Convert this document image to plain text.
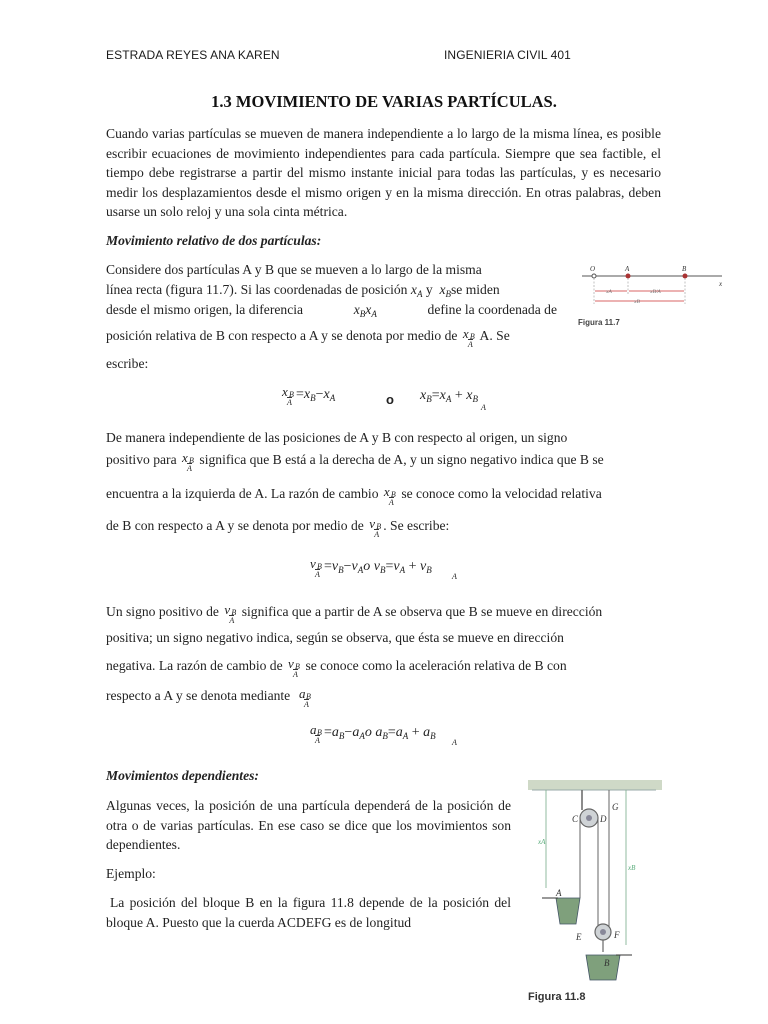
ESTRADA REYES ANA KAREN	INGENIERIA CIVIL 401
1.3 MOVIMIENTO DE VARIAS PARTÍCULAS.
Cuando varias partículas se mueven de manera independiente a lo largo de la misma línea, es posible escribir ecuaciones de movimiento independientes para cada partícula. Siempre que sea factible, el tiempo debe registrarse a partir del mismo instante inicial para todas las partículas, y es necesario medir los desplazamientos desde el mismo origen y en la misma dirección. En otras palabras, deben usarse un solo reloj y una sola cinta métrica.
Movimiento relativo de dos partículas:
Considere dos partículas A y B que se mueven a lo largo de la misma
línea recta (figura 11.7). Si las coordenadas de posición $x_A$ y $x_Bse$ miden
desde el mismo origen, la diferencia	$x_Bx_A$	define la coordenada de
posición relativa de B con respecto a A y se denota por medio de x B
A
A. Se
escribe:
x B
A
$=x_B-x_A$	o $x_B=x_A + x_B$
A
De manera independiente de las posiciones de A y B con respecto al origen, un signo
positivo para x B
A
significa que B está a la derecha de A, y un signo negativo indica que B se
encuentra a la izquierda de A. La razón de cambio x B
A
se conoce como la velocidad relativa
de B con respecto a A y se denota por medio de v B
A
. Se escribe:
v B
A
$=v_B-v_Ao$ $v_B=v_A + v_B$
A
Un signo positivo de v B
A
significa que a partir de A se observa que B se mueve en dirección
positiva; un signo negativo indica, según se observa, que ésta se mueve en dirección
negativa. La razón de cambio de v B
A
se conoce como la aceleración relativa de B con
respecto a A y se denota mediante a B
A
a B
A
$=a_B-a_Ao$ $a_B=a_A + a_B$
A
Movimientos dependientes:
Algunas veces, la posición de una partícula dependerá de la posición de otra o de varias partículas. En ese caso se dice que los movimientos son dependientes.
Ejemplo:
La posición del bloque B en la figura 11.8 depende de la posición del bloque A. Puesto que la cuerda ACDEFG es de longitud
O	A	B
x
xA	xB/A
xB
Figura 11.7
C D
G
A
E	F
B
xA
xB
Figura 11.8
